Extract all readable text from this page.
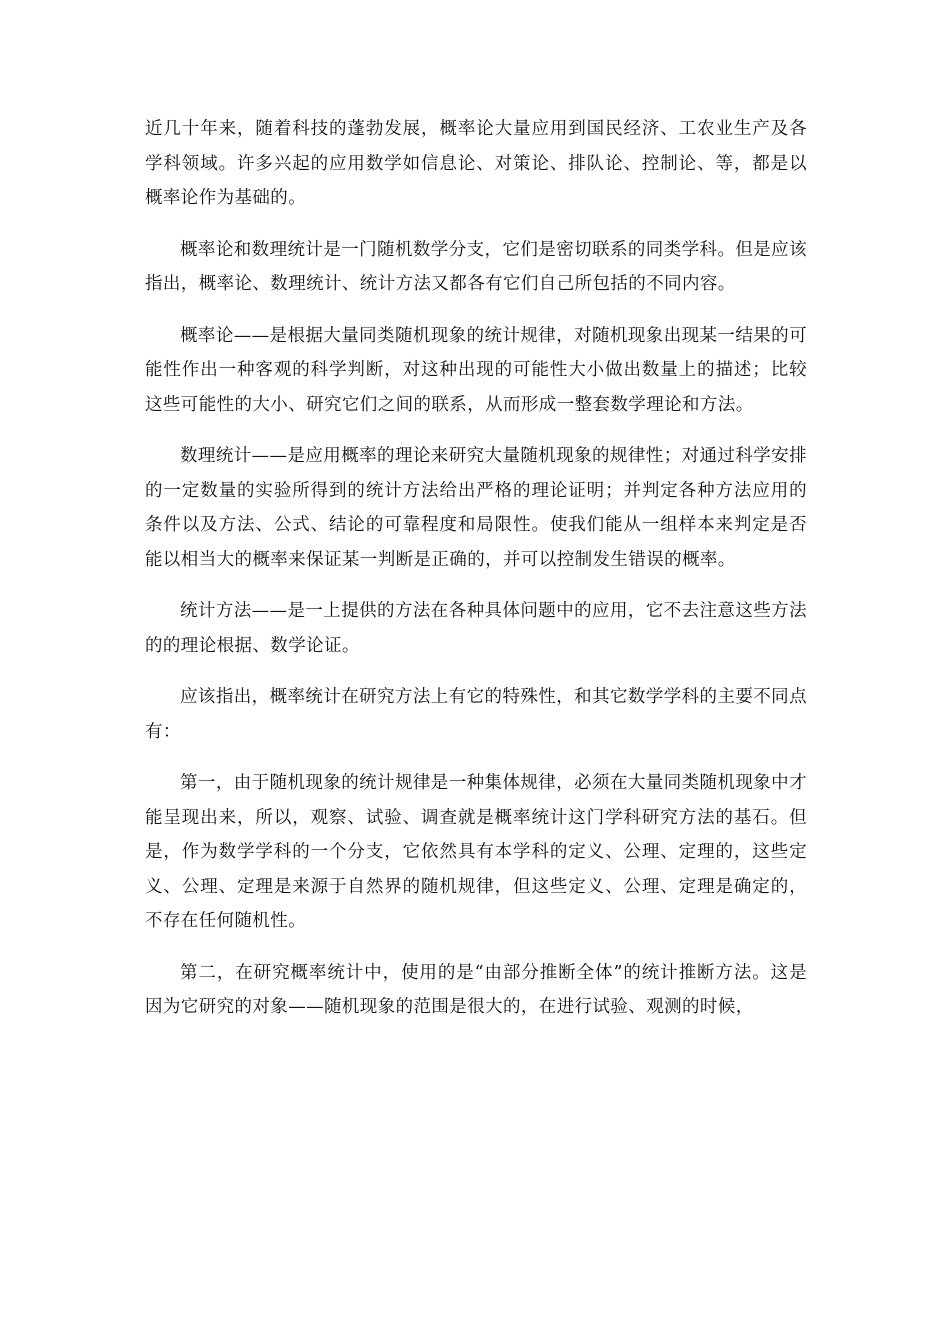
近几十年来，随着科技的蓬勃发展，概率论大量应用到国民经济、工农业生产及各学科领域。许多兴起的应用数学如信息论、对策论、排队论、控制论、等，都是以概率论作为基础的。

概率论和数理统计是一门随机数学分支，它们是密切联系的同类学科。但是应该指出，概率论、数理统计、统计方法又都各有它们自己所包括的不同内容。

概率论——是根据大量同类随机现象的统计规律，对随机现象出现某一结果的可能性作出一种客观的科学判断，对这种出现的可能性大小做出数量上的描述；比较这些可能性的大小、研究它们之间的联系，从而形成一整套数学理论和方法。

数理统计——是应用概率的理论来研究大量随机现象的规律性；对通过科学安排的一定数量的实验所得到的统计方法给出严格的理论证明；并判定各种方法应用的条件以及方法、公式、结论的可靠程度和局限性。使我们能从一组样本来判定是否能以相当大的概率来保证某一判断是正确的，并可以控制发生错误的概率。

统计方法——是一上提供的方法在各种具体问题中的应用，它不去注意这些方法的的理论根据、数学论证。

应该指出，概率统计在研究方法上有它的特殊性，和其它数学学科的主要不同点有：

第一，由于随机现象的统计规律是一种集体规律，必须在大量同类随机现象中才能呈现出来，所以，观察、试验、调查就是概率统计这门学科研究方法的基石。但是，作为数学学科的一个分支，它依然具有本学科的定义、公理、定理的，这些定义、公理、定理是来源于自然界的随机规律，但这些定义、公理、定理是确定的，不存在任何随机性。

第二，在研究概率统计中，使用的是“由部分推断全体”的统计推断方法。这是因为它研究的对象——随机现象的范围是很大的，在进行试验、观测的时候，
